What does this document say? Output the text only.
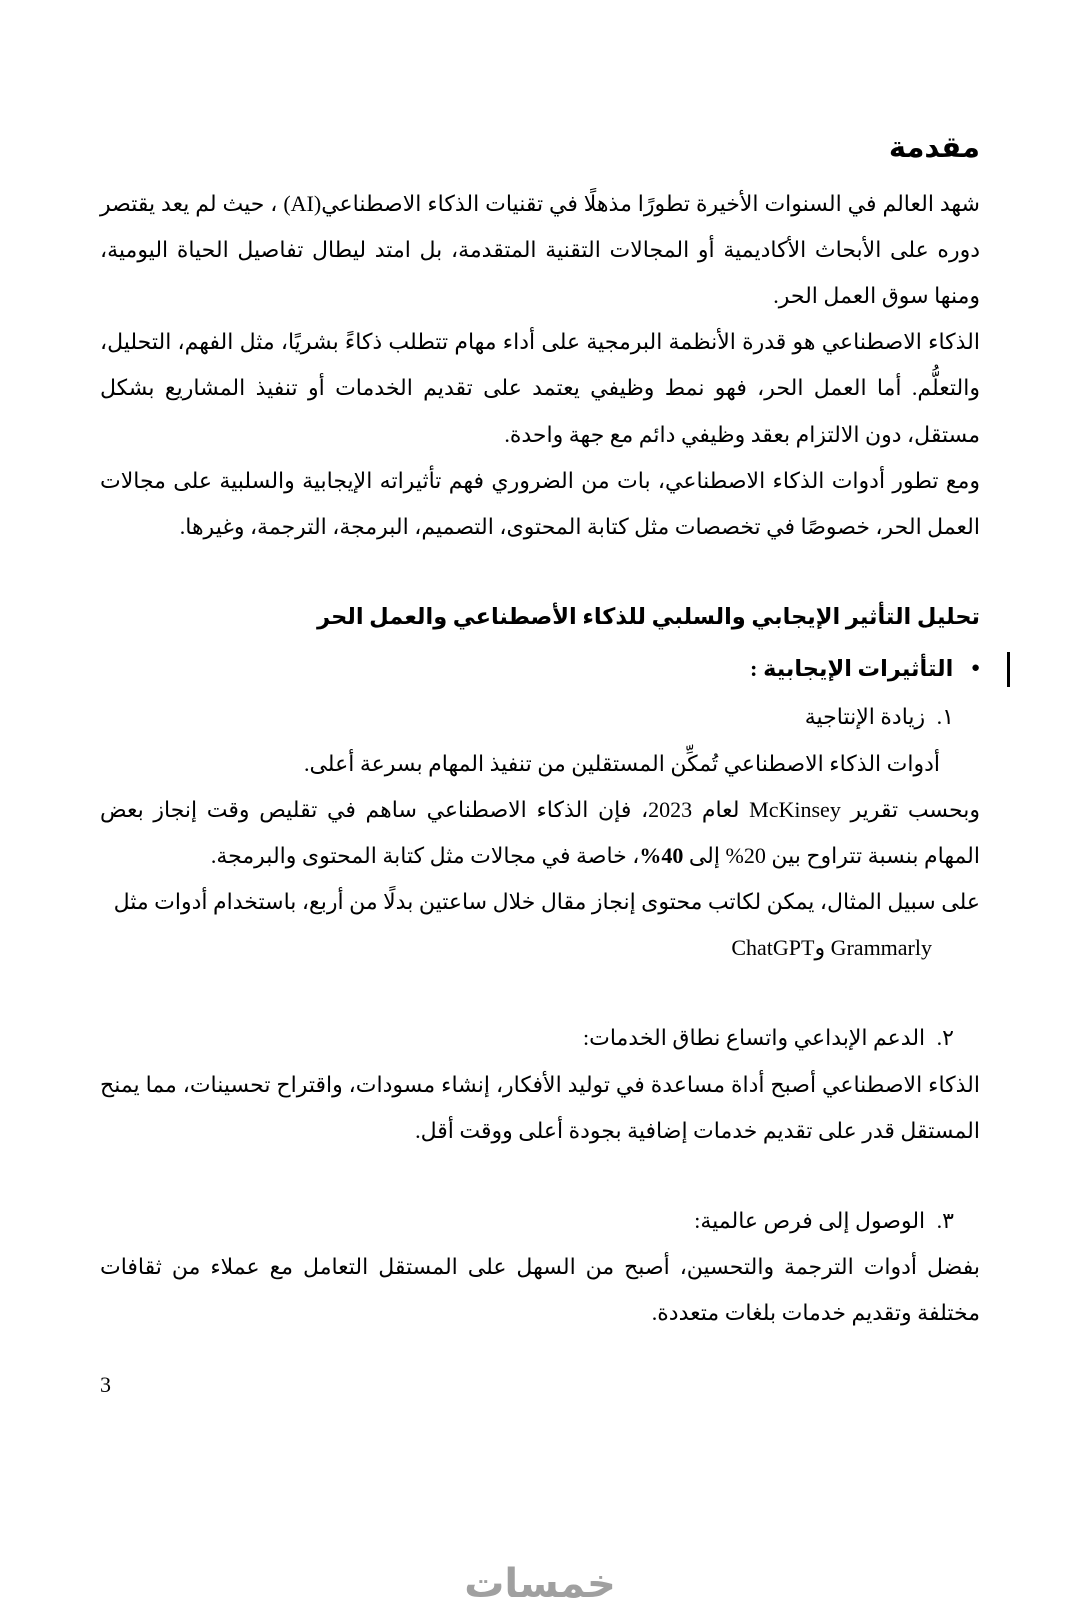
مقدمة

شهد العالم في السنوات الأخيرة تطورًا مذهلًا في تقنيات الذكاء الاصطناعي(AI) ، حيث لم يعد يقتصر دوره على الأبحاث الأكاديمية أو المجالات التقنية المتقدمة، بل امتد ليطال تفاصيل الحياة اليومية، ومنها سوق العمل الحر.

الذكاء الاصطناعي هو قدرة الأنظمة البرمجية على أداء مهام تتطلب ذكاءً بشريًا، مثل الفهم، التحليل، والتعلُّم. أما العمل الحر، فهو نمط وظيفي يعتمد على تقديم الخدمات أو تنفيذ المشاريع بشكل مستقل، دون الالتزام بعقد وظيفي دائم مع جهة واحدة.

ومع تطور أدوات الذكاء الاصطناعي، بات من الضروري فهم تأثيراته الإيجابية والسلبية على مجالات العمل الحر، خصوصًا في تخصصات مثل كتابة المحتوى، التصميم، البرمجة، الترجمة، وغيرها.

تحليل التأثير الإيجابي والسلبي للذكاء الأصطناعي والعمل الحر
● التأثيرات الإيجابية :
١. زيادة الإنتاجية

أدوات الذكاء الاصطناعي تُمكِّن المستقلين من تنفيذ المهام بسرعة أعلى.

وبحسب تقرير McKinsey لعام 2023، فإن الذكاء الاصطناعي ساهم في تقليص وقت إنجاز بعض المهام بنسبة تتراوح بين 20% إلى 40%، خاصة في مجالات مثل كتابة المحتوى والبرمجة.

على سبيل المثال، يمكن لكاتب محتوى إنجاز مقال خلال ساعتين بدلًا من أربع، باستخدام أدوات مثل

Grammarly وChatGPT

٢. الدعم الإبداعي واتساع نطاق الخدمات:

الذكاء الاصطناعي أصبح أداة مساعدة في توليد الأفكار، إنشاء مسودات، واقتراح تحسينات، مما يمنح المستقل قدر على تقديم خدمات إضافية بجودة أعلى ووقت أقل.

٣. الوصول إلى فرص عالمية:

بفضل أدوات الترجمة والتحسين، أصبح من السهل على المستقل التعامل مع عملاء من ثقافات مختلفة وتقديم خدمات بلغات متعددة.

3
خمسات
